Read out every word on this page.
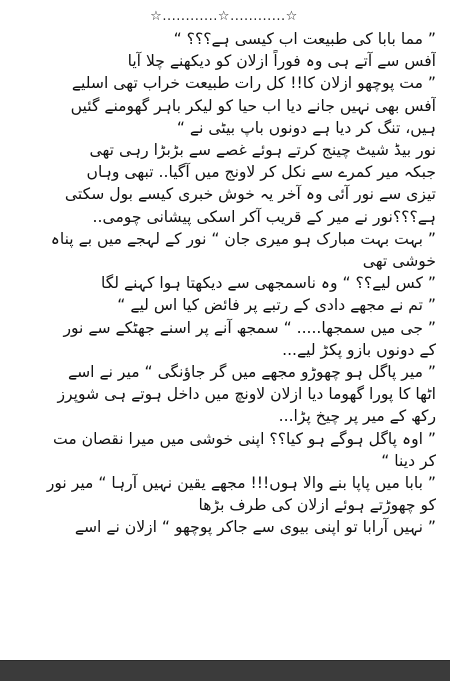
☆............☆............☆
” مما بابا کی طبیعت اب کیسی ہے؟؟؟ “
آفس سے آتے ہی وہ فوراً ازلان کو دیکھنے چلا آیا
” مت پوچھو ازلان کا!! کل رات طبیعت خراب تھی اسلیے
آفس بھی نہیں جانے دیا اب حیا کو لیکر باہر گھومنے گئیں
ہیں، تنگ کر دیا ہے دونوں باپ بیٹی نے “
نور بیڈ شیٹ چینج کرتے ہوئے غصے سے بڑبڑا رہی تھی
جبکہ میر کمرے سے نکل کر لاونج میں آگیا.. تبھی وہاں
تیزی سے نور آئی وہ آخر یہ خوش خبری کیسے بول سکتی
ہے؟؟؟نور نے میر کے قریب آکر اسکی پیشانی چومی..
” بہت بہت مبارک ہو میری جان “ نور کے لہجے میں بے پناہ
خوشی تھی
” کس لیے؟؟ “ وہ ناسمجھی سے دیکھتا ہوا کہنے لگا
” تم نے مجھے دادی کے رتبے پر فائض کیا اس لیے “
” جی میں سمجھا..... “ سمجھ آنے پر اسنے جھٹکے سے نور
کے دونوں بازو پکڑ لیے...
” میر پاگل ہو چھوڑو مجھے میں گر جاؤنگی “ میر نے اسے
اٹھا کا پورا گھوما دیا ازلان لاونچ میں داخل ہوتے ہی شوپرز
رکھ کے میر پر چیخ پڑا...
” اوہ پاگل ہوگے ہو کیا؟؟ اپنی خوشی میں میرا نقصان مت
کر دینا “
” بابا میں پاپا بنے والا ہوں!!! مجھے یقین نہیں آرہا “ میر نور
کو چھوڑتے ہوئے ازلان کی طرف بڑھا
” نہیں آرابا تو اپنی بیوی سے جاکر پوچھو “ ازلان نے اسے
